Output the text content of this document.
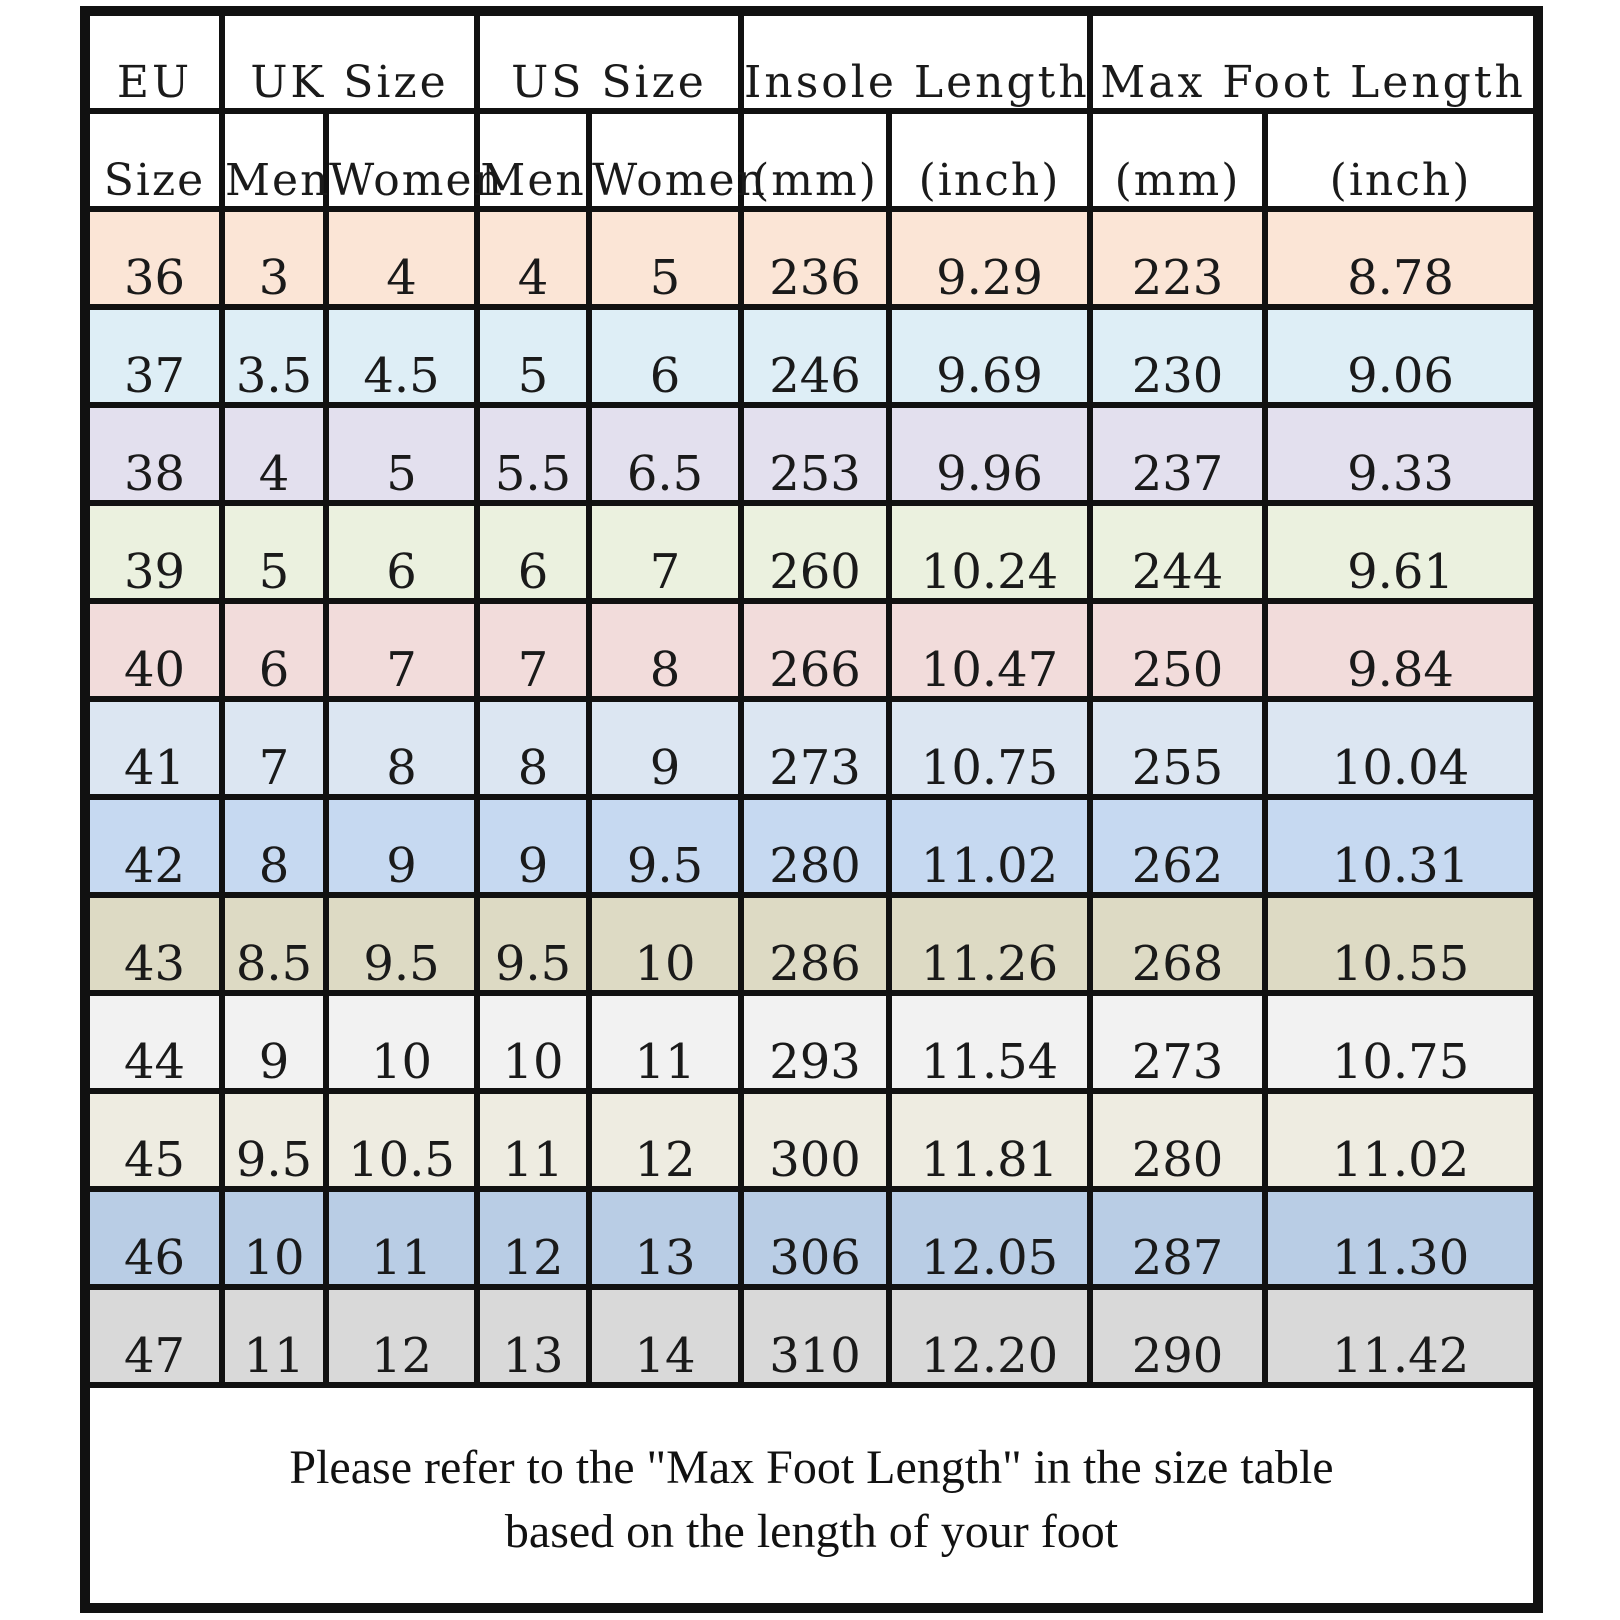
EU	UK Size		US Size		Insole Length		Max Foot Length	
Size	Men	Women	Men	Women	(mm)	(inch)	(mm)	(inch)
36	3	4	4	5	236	9.29	223	8.78
37	3.5	4.5	5	6	246	9.69	230	9.06
38	4	5	5.5	6.5	253	9.96	237	9.33
39	5	6	6	7	260	10.24	244	9.61
40	6	7	7	8	266	10.47	250	9.84
41	7	8	8	9	273	10.75	255	10.04
42	8	9	9	9.5	280	11.02	262	10.31
43	8.5	9.5	9.5	10	286	11.26	268	10.55
44	9	10	10	11	293	11.54	273	10.75
45	9.5	10.5	11	12	300	11.81	280	11.02
46	10	11	12	13	306	12.05	287	11.30
47	11	12	13	14	310	12.20	290	11.42
Please refer to the "Max Foot Length" in the size table
based on the length of your foot
